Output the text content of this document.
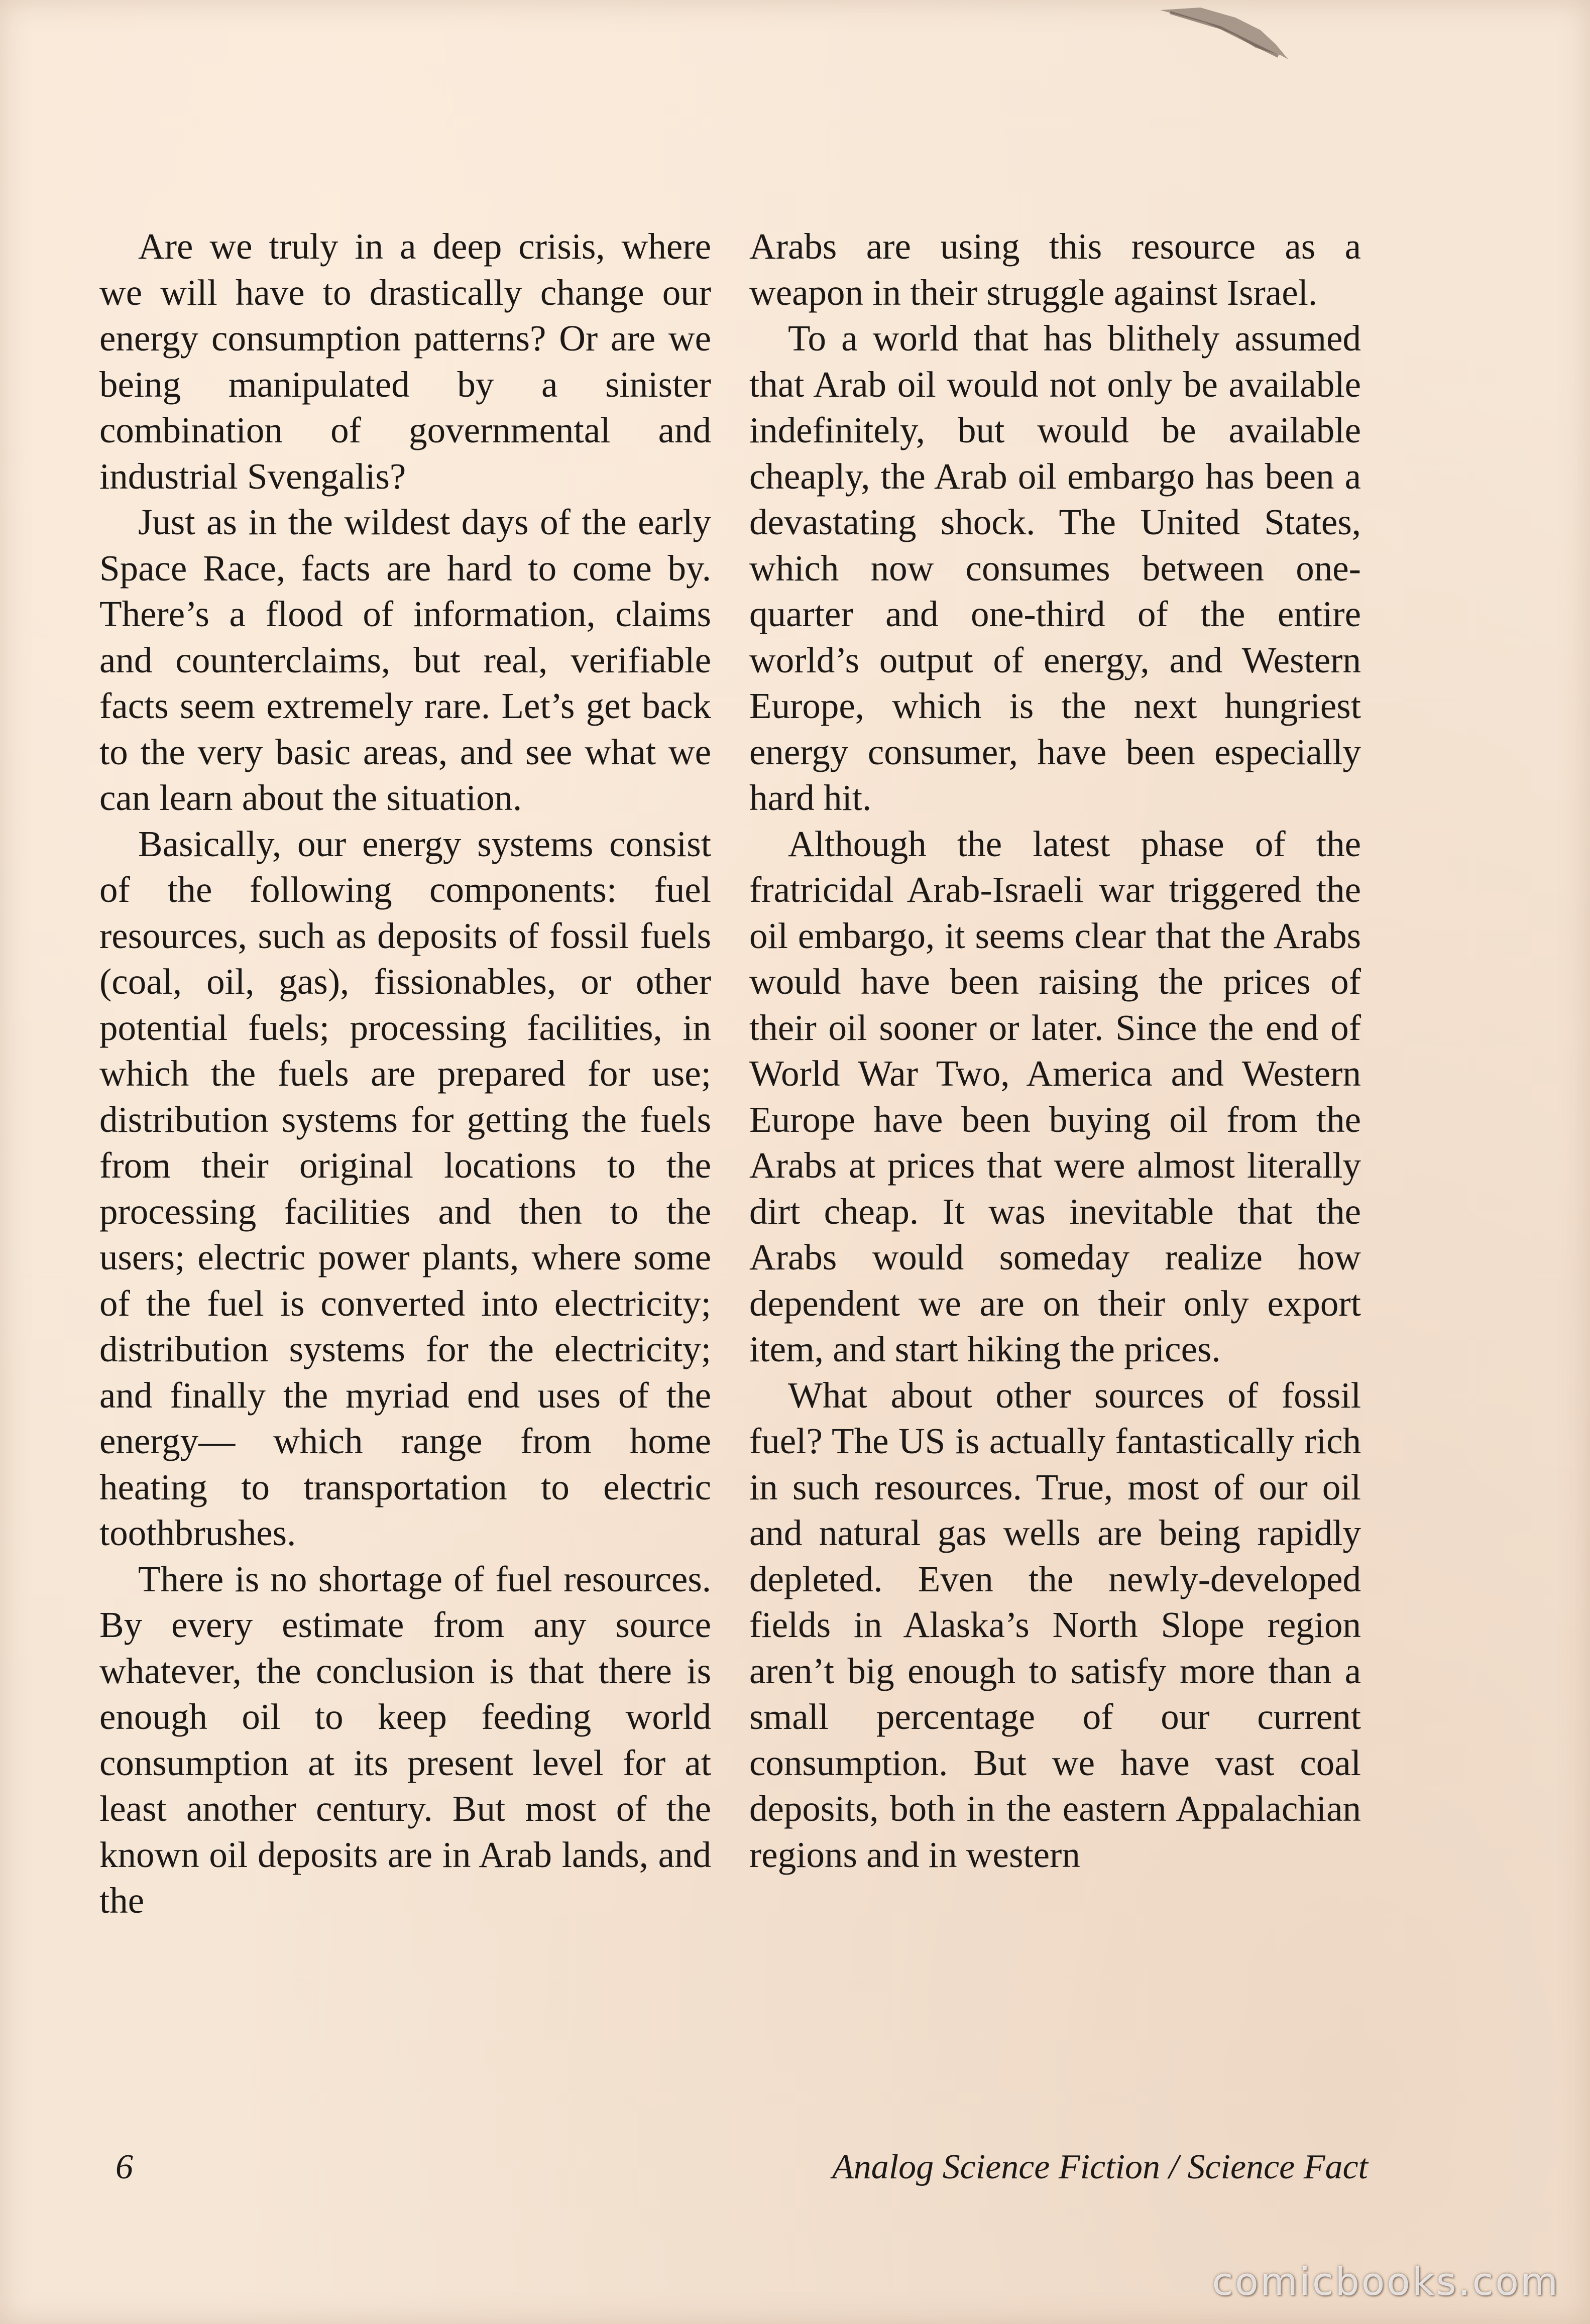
Are we truly in a deep crisis, where we will have to drastically change our energy consumption patterns? Or are we being manipulated by a sinister combination of governmental and industrial Svengalis?

Just as in the wildest days of the early Space Race, facts are hard to come by. There’s a flood of information, claims and counterclaims, but real, verifiable facts seem extremely rare. Let’s get back to the very basic areas, and see what we can learn about the situation.

Basically, our energy systems consist of the following components: fuel resources, such as deposits of fossil fuels (coal, oil, gas), fissionables, or other potential fuels; processing facilities, in which the fuels are prepared for use; distribution systems for getting the fuels from their original locations to the processing facilities and then to the users; electric power plants, where some of the fuel is converted into electricity; distribution systems for the electricity; and finally the myriad end uses of the energy— which range from home heating to transportation to electric toothbrushes.

There is no shortage of fuel resources. By every estimate from any source whatever, the conclusion is that there is enough oil to keep feeding world consumption at its present level for at least another century. But most of the known oil deposits are in Arab lands, and the

Arabs are using this resource as a weapon in their struggle against Israel.

To a world that has blithely assumed that Arab oil would not only be available indefinitely, but would be available cheaply, the Arab oil embargo has been a devastating shock. The United States, which now consumes between one-quarter and one-third of the entire world’s output of energy, and Western Europe, which is the next hungriest energy consumer, have been especially hard hit.

Although the latest phase of the fratricidal Arab-Israeli war triggered the oil embargo, it seems clear that the Arabs would have been raising the prices of their oil sooner or later. Since the end of World War Two, America and Western Europe have been buying oil from the Arabs at prices that were almost literally dirt cheap. It was inevitable that the Arabs would someday realize how dependent we are on their only export item, and start hiking the prices.

What about other sources of fossil fuel? The US is actually fantastically rich in such resources. True, most of our oil and natural gas wells are being rapidly depleted. Even the newly-developed fields in Alaska’s North Slope region aren’t big enough to satisfy more than a small percentage of our current consumption. But we have vast coal deposits, both in the eastern Appalachian regions and in western

6	Analog Science Fiction / Science Fact
comicbooks.com
